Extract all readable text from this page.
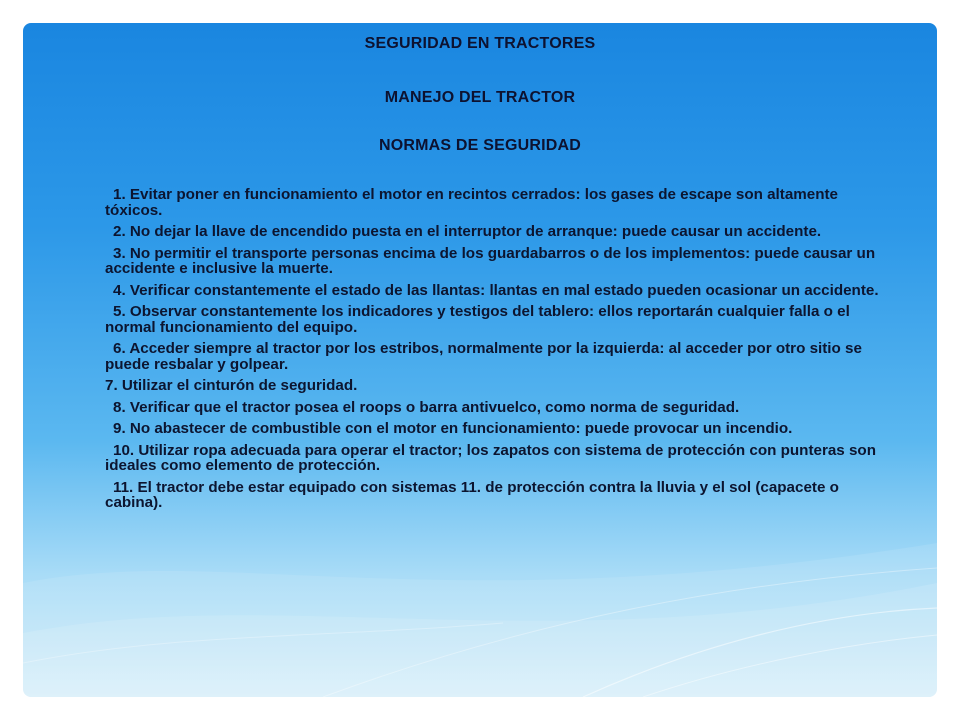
SEGURIDAD EN TRACTORES
MANEJO DEL TRACTOR
NORMAS DE SEGURIDAD
1. Evitar poner en funcionamiento el motor en recintos cerrados: los gases de escape son altamente tóxicos.
2. No dejar la llave de encendido puesta en el interruptor de arranque: puede causar un accidente.
3. No permitir el transporte personas encima de los guardabarros o de los implementos: puede causar un accidente e inclusive la muerte.
4. Verificar constantemente el estado de las llantas: llantas en mal estado pueden ocasionar un accidente.
5. Observar constantemente los indicadores y testigos del tablero: ellos reportarán cualquier falla o el normal funcionamiento del equipo.
6. Acceder siempre al tractor por los estribos, normalmente por la izquierda: al acceder por otro sitio se puede resbalar y golpear.
7. Utilizar el cinturón de seguridad.
8. Verificar que el tractor posea el roops o barra antivuelco, como norma de seguridad.
9. No abastecer de combustible con el motor en funcionamiento: puede provocar un incendio.
10. Utilizar ropa adecuada para operar el tractor; los zapatos con sistema de protección con punteras son ideales como elemento de protección.
11. El tractor debe estar equipado con sistemas 11. de protección contra la lluvia y el sol (capacete o cabina).
